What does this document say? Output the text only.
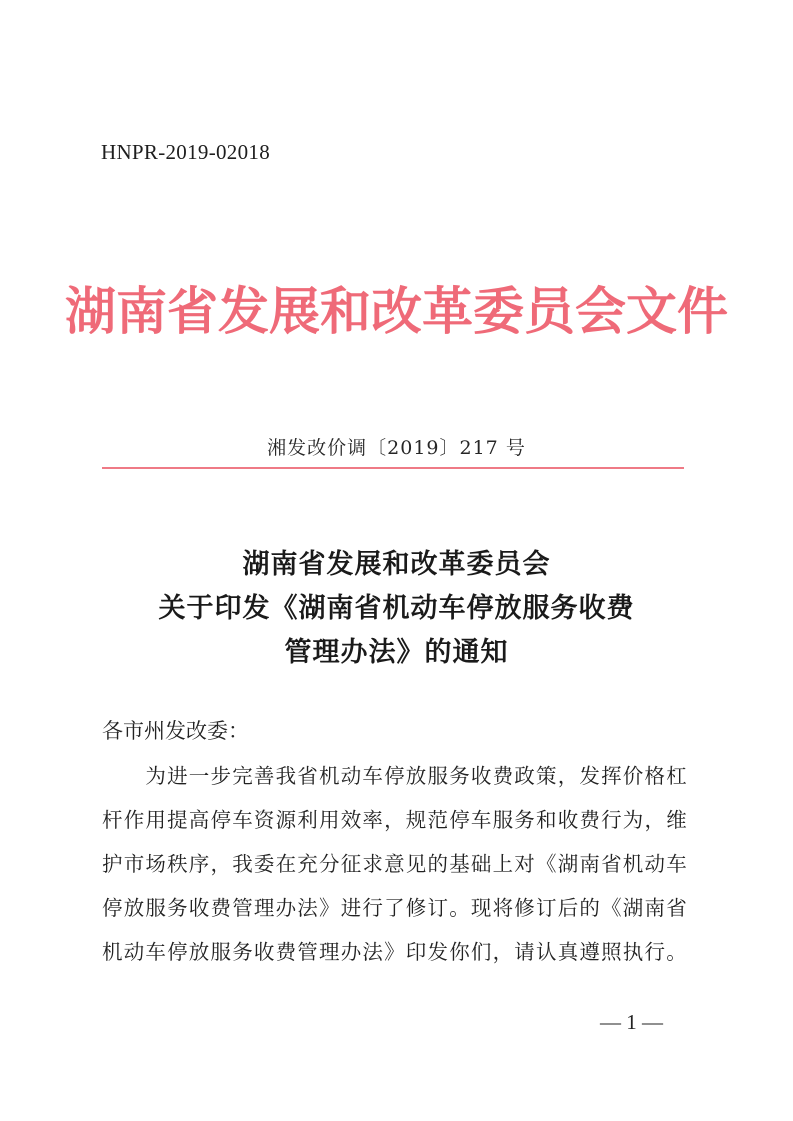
HNPR-2019-02018
湖南省发展和改革委员会文件
湘发改价调〔2019〕217 号
湖南省发展和改革委员会
关于印发《湖南省机动车停放服务收费
管理办法》的通知
各市州发改委：
　　为进一步完善我省机动车停放服务收费政策，发挥价格杠
杆作用提高停车资源利用效率，规范停车服务和收费行为，维
护市场秩序，我委在充分征求意见的基础上对《湖南省机动车
停放服务收费管理办法》进行了修订。现将修订后的《湖南省
机动车停放服务收费管理办法》印发你们，请认真遵照执行。
— 1 —
